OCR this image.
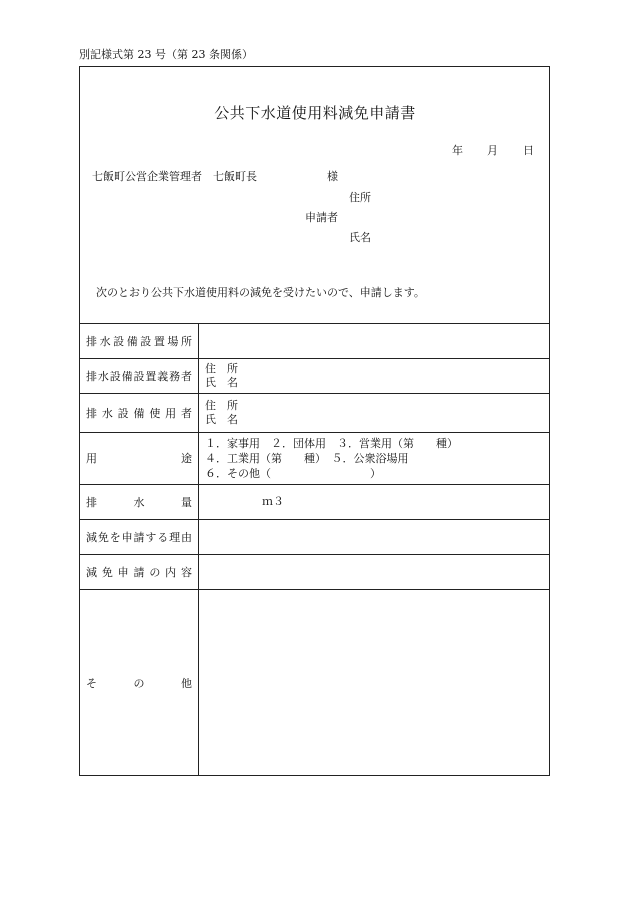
別記様式第 23 号（第 23 条関係）
公共下水道使用料減免申請書
年 月 日
七飯町公営企業管理者　七飯町長	様
住所
申請者
氏名
次のとおり公共下水道使用料の減免を受けたいので、申請します。
排水設備設置場所
排水設備設置義務者
住　所
氏　名
排水設備使用者
住　所
氏　名
用途
１．家事用　２．団体用　３．営業用（第　　種）
４．工業用（第　　種）　５．公衆浴場用
６．その他（　　　　　　　　　）
排水量	ｍ３
減免を申請する理由
減免申請の内容
その他
